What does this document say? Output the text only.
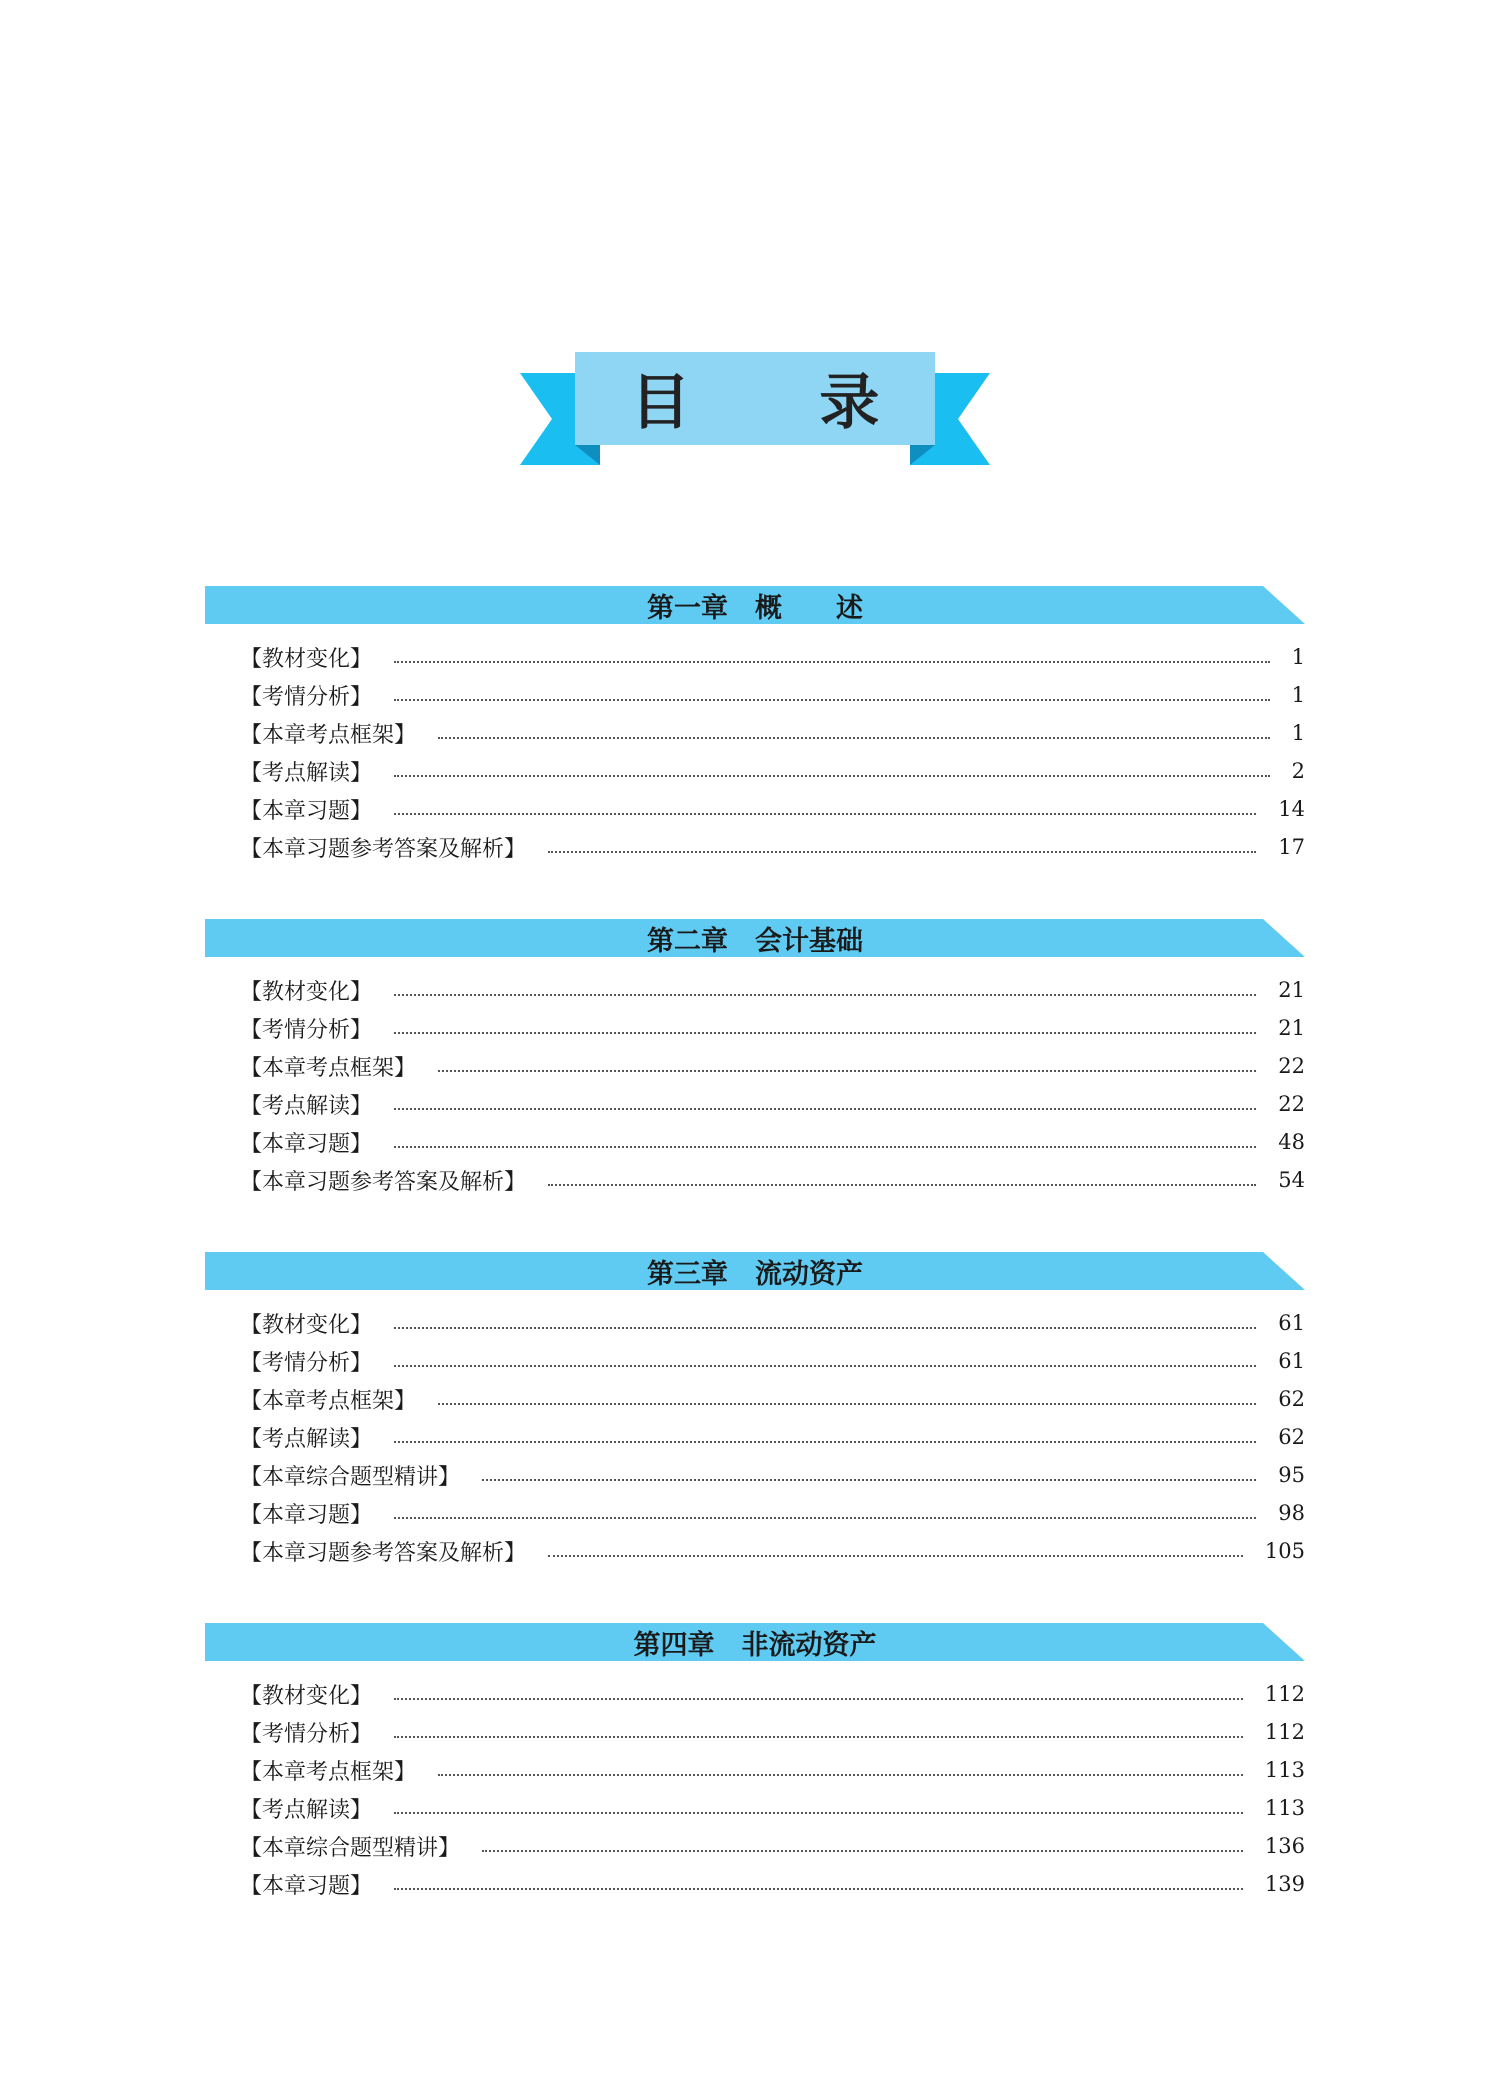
目 录
第一章　概　　述
【教材变化】	1
【考情分析】	1
【本章考点框架】	1
【考点解读】	2
【本章习题】	14
【本章习题参考答案及解析】	17
第二章　会计基础
【教材变化】	21
【考情分析】	21
【本章考点框架】	22
【考点解读】	22
【本章习题】	48
【本章习题参考答案及解析】	54
第三章　流动资产
【教材变化】	61
【考情分析】	61
【本章考点框架】	62
【考点解读】	62
【本章综合题型精讲】	95
【本章习题】	98
【本章习题参考答案及解析】	105
第四章　非流动资产
【教材变化】	112
【考情分析】	112
【本章考点框架】	113
【考点解读】	113
【本章综合题型精讲】	136
【本章习题】	139
